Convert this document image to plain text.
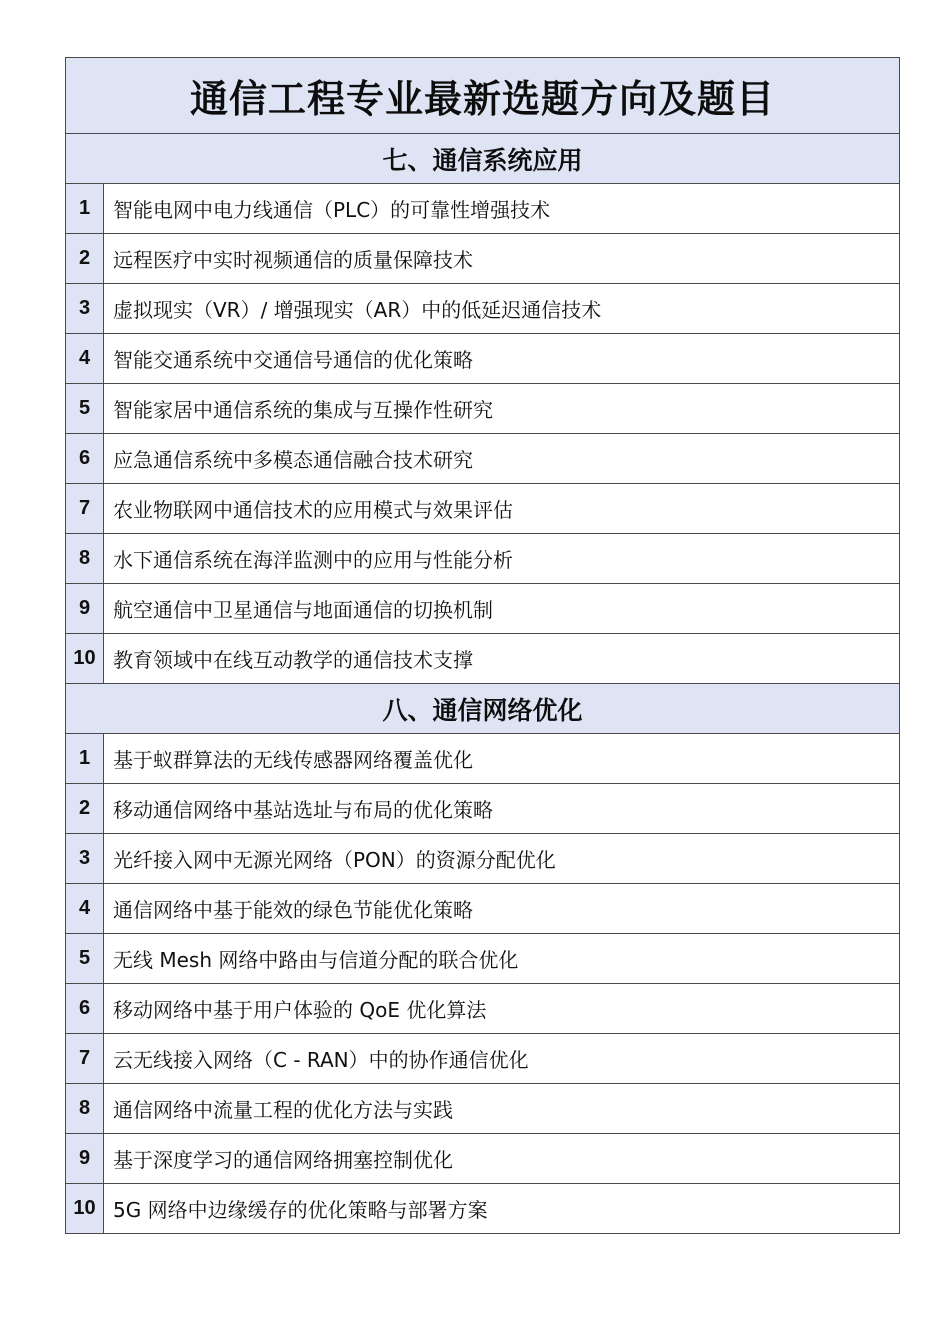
通信工程专业最新选题方向及题目	
七、通信系统应用	
1	智能电网中电力线通信（PLC）的可靠性增强技术
2	远程医疗中实时视频通信的质量保障技术
3	虚拟现实（VR）/ 增强现实（AR）中的低延迟通信技术
4	智能交通系统中交通信号通信的优化策略
5	智能家居中通信系统的集成与互操作性研究
6	应急通信系统中多模态通信融合技术研究
7	农业物联网中通信技术的应用模式与效果评估
8	水下通信系统在海洋监测中的应用与性能分析
9	航空通信中卫星通信与地面通信的切换机制
10	教育领域中在线互动教学的通信技术支撑
八、通信网络优化	
1	基于蚁群算法的无线传感器网络覆盖优化
2	移动通信网络中基站选址与布局的优化策略
3	光纤接入网中无源光网络（PON）的资源分配优化
4	通信网络中基于能效的绿色节能优化策略
5	无线 Mesh 网络中路由与信道分配的联合优化
6	移动网络中基于用户体验的 QoE 优化算法
7	云无线接入网络（C - RAN）中的协作通信优化
8	通信网络中流量工程的优化方法与实践
9	基于深度学习的通信网络拥塞控制优化
10	5G 网络中边缘缓存的优化策略与部署方案
